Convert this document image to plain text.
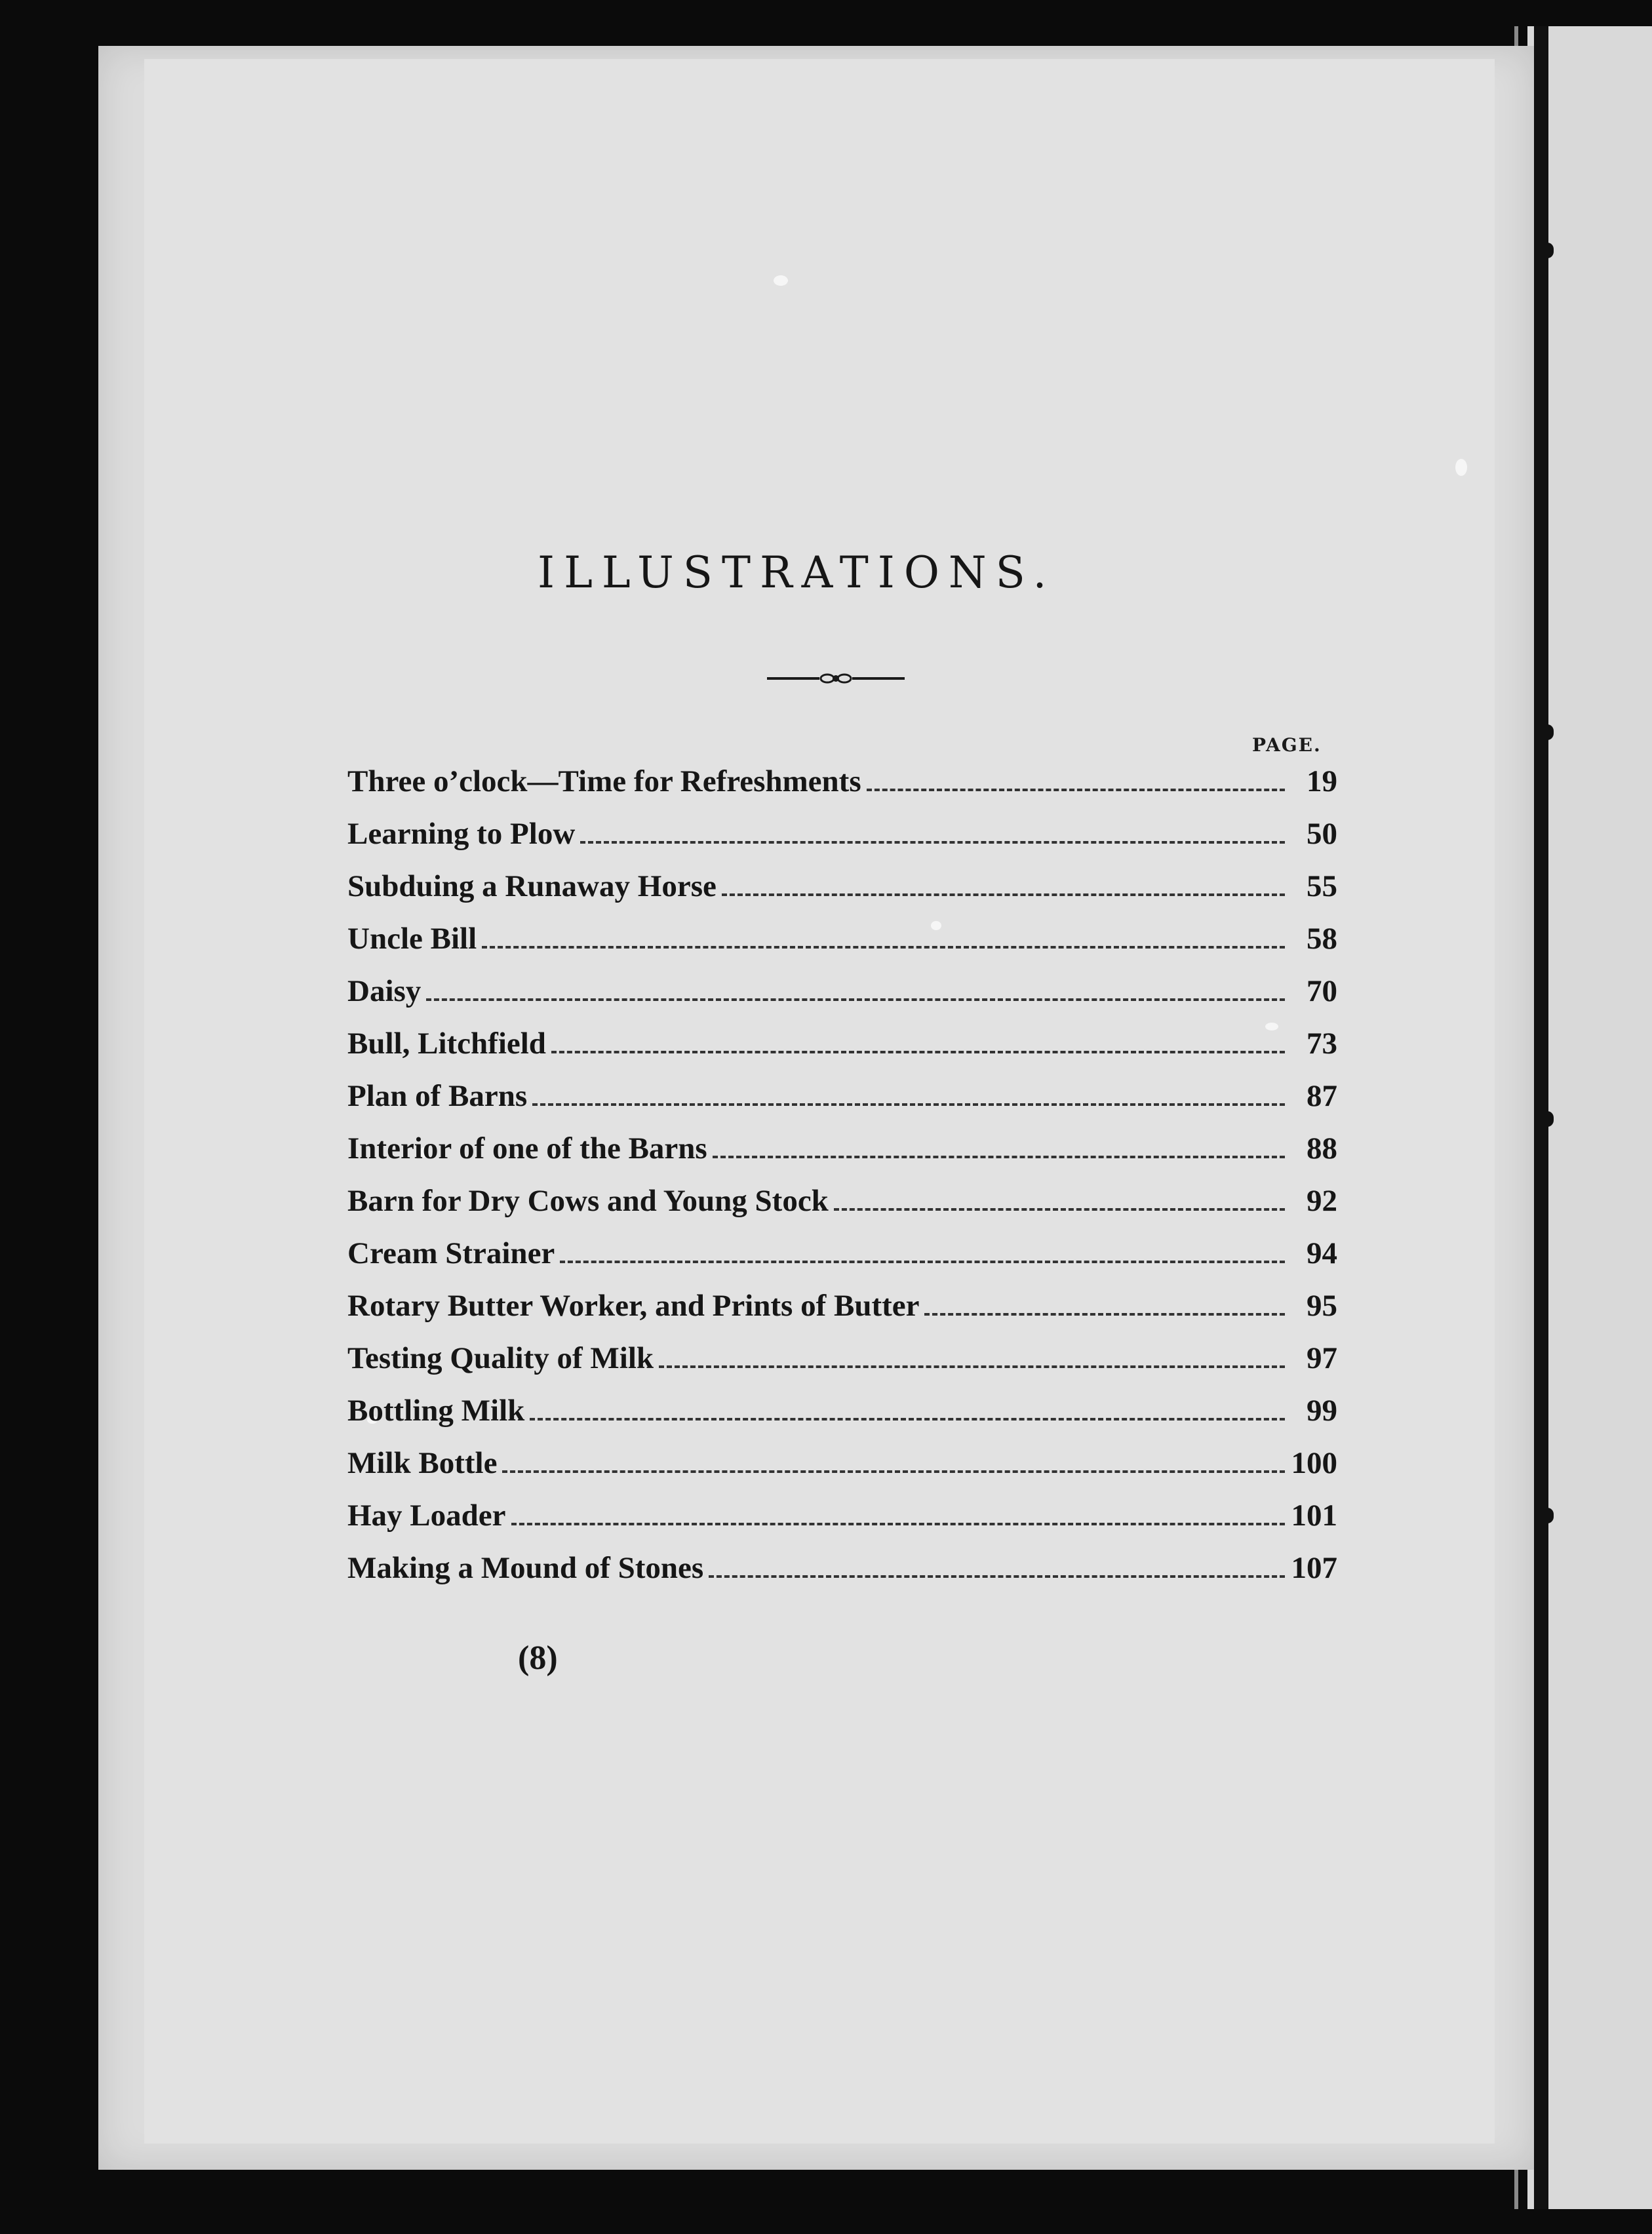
ILLUSTRATIONS.
PAGE.
Three o’clock—Time for Refreshments	19
Learning to Plow	50
Subduing a Runaway Horse	55
Uncle Bill	58
Daisy	70
Bull, Litchfield	73
Plan of Barns	87
Interior of one of the Barns	88
Barn for Dry Cows and Young Stock	92
Cream Strainer	94
Rotary Butter Worker, and Prints of Butter	95
Testing Quality of Milk	97
Bottling Milk	99
Milk Bottle	100
Hay Loader	101
Making a Mound of Stones	107
(8)
